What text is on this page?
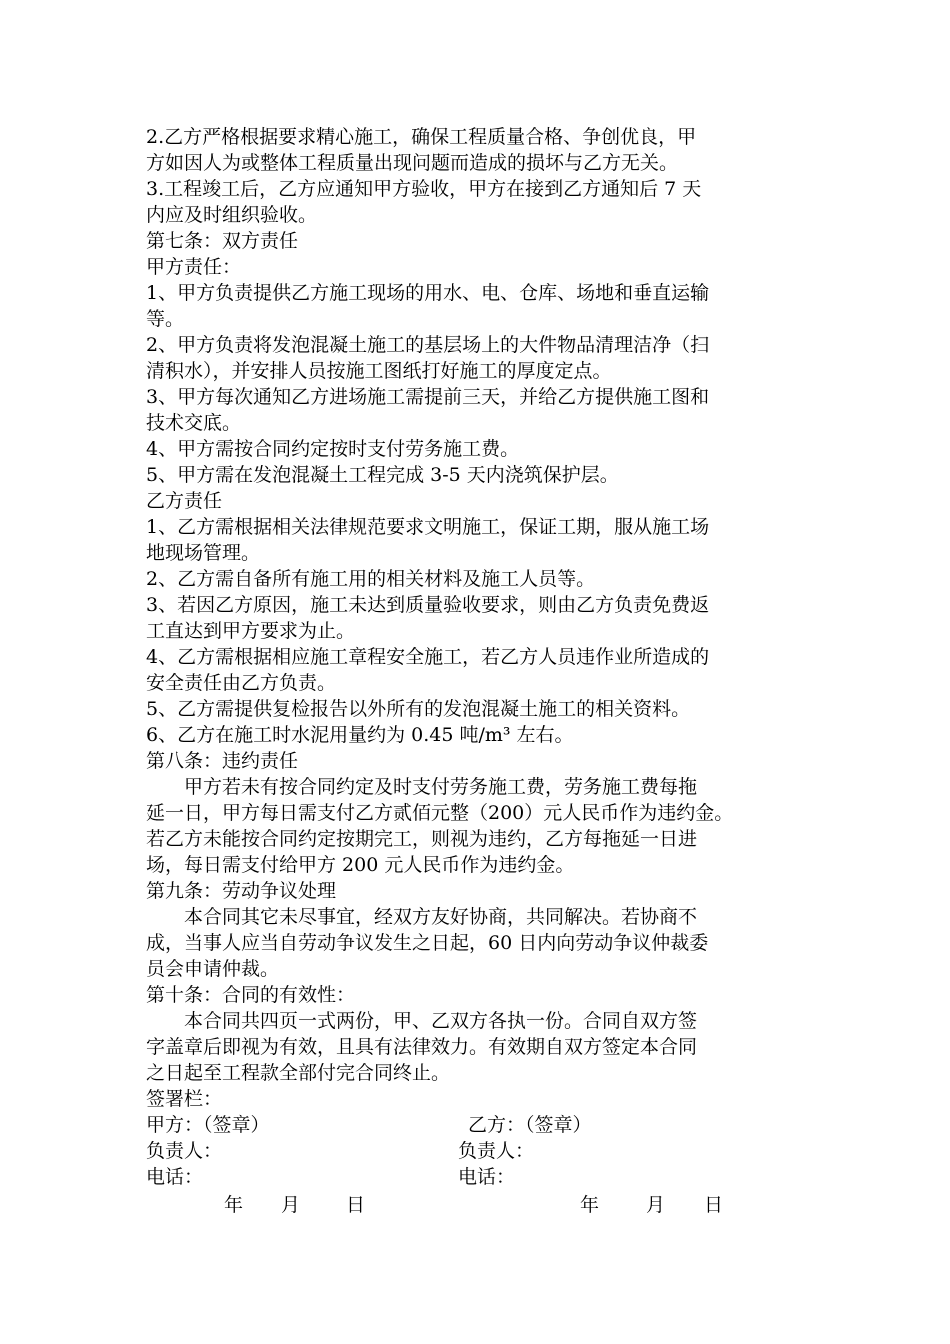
2.乙方严格根据要求精心施工，确保工程质量合格、争创优良，甲
方如因人为或整体工程质量出现问题而造成的损坏与乙方无关。
3.工程竣工后，乙方应通知甲方验收，甲方在接到乙方通知后 7 天
内应及时组织验收。
第七条：双方责任
甲方责任：
1、甲方负责提供乙方施工现场的用水、电、仓库、场地和垂直运输
等。
2、甲方负责将发泡混凝土施工的基层场上的大件物品清理洁净（扫
清积水），并安排人员按施工图纸打好施工的厚度定点。
3、甲方每次通知乙方进场施工需提前三天，并给乙方提供施工图和
技术交底。
4、甲方需按合同约定按时支付劳务施工费。
5、甲方需在发泡混凝土工程完成 3-5 天内浇筑保护层。
乙方责任
1、乙方需根据相关法律规范要求文明施工，保证工期，服从施工场
地现场管理。
2、乙方需自备所有施工用的相关材料及施工人员等。
3、若因乙方原因，施工未达到质量验收要求，则由乙方负责免费返
工直达到甲方要求为止。
4、乙方需根据相应施工章程安全施工，若乙方人员违作业所造成的
安全责任由乙方负责。
5、乙方需提供复检报告以外所有的发泡混凝土施工的相关资料。
6、乙方在施工时水泥用量约为 0.45 吨/m³ 左右。
第八条：违约责任
甲方若未有按合同约定及时支付劳务施工费，劳务施工费每拖
延一日，甲方每日需支付乙方贰佰元整（200）元人民币作为违约金。
若乙方未能按合同约定按期完工，则视为违约，乙方每拖延一日进
场，每日需支付给甲方 200 元人民币作为违约金。
第九条：劳动争议处理
本合同其它未尽事宜，经双方友好协商，共同解决。若协商不
成，当事人应当自劳动争议发生之日起，60 日内向劳动争议仲裁委
员会申请仲裁。
第十条：合同的有效性：
本合同共四页一式两份，甲、乙双方各执一份。合同自双方签
字盖章后即视为有效，且具有法律效力。有效期自双方签定本合同
之日起至工程款全部付完合同终止。
签署栏：
甲方：（签章）	乙方：（签章）
负责人：	负责人：
电话：	电话：
年 月 日	年 月 日
